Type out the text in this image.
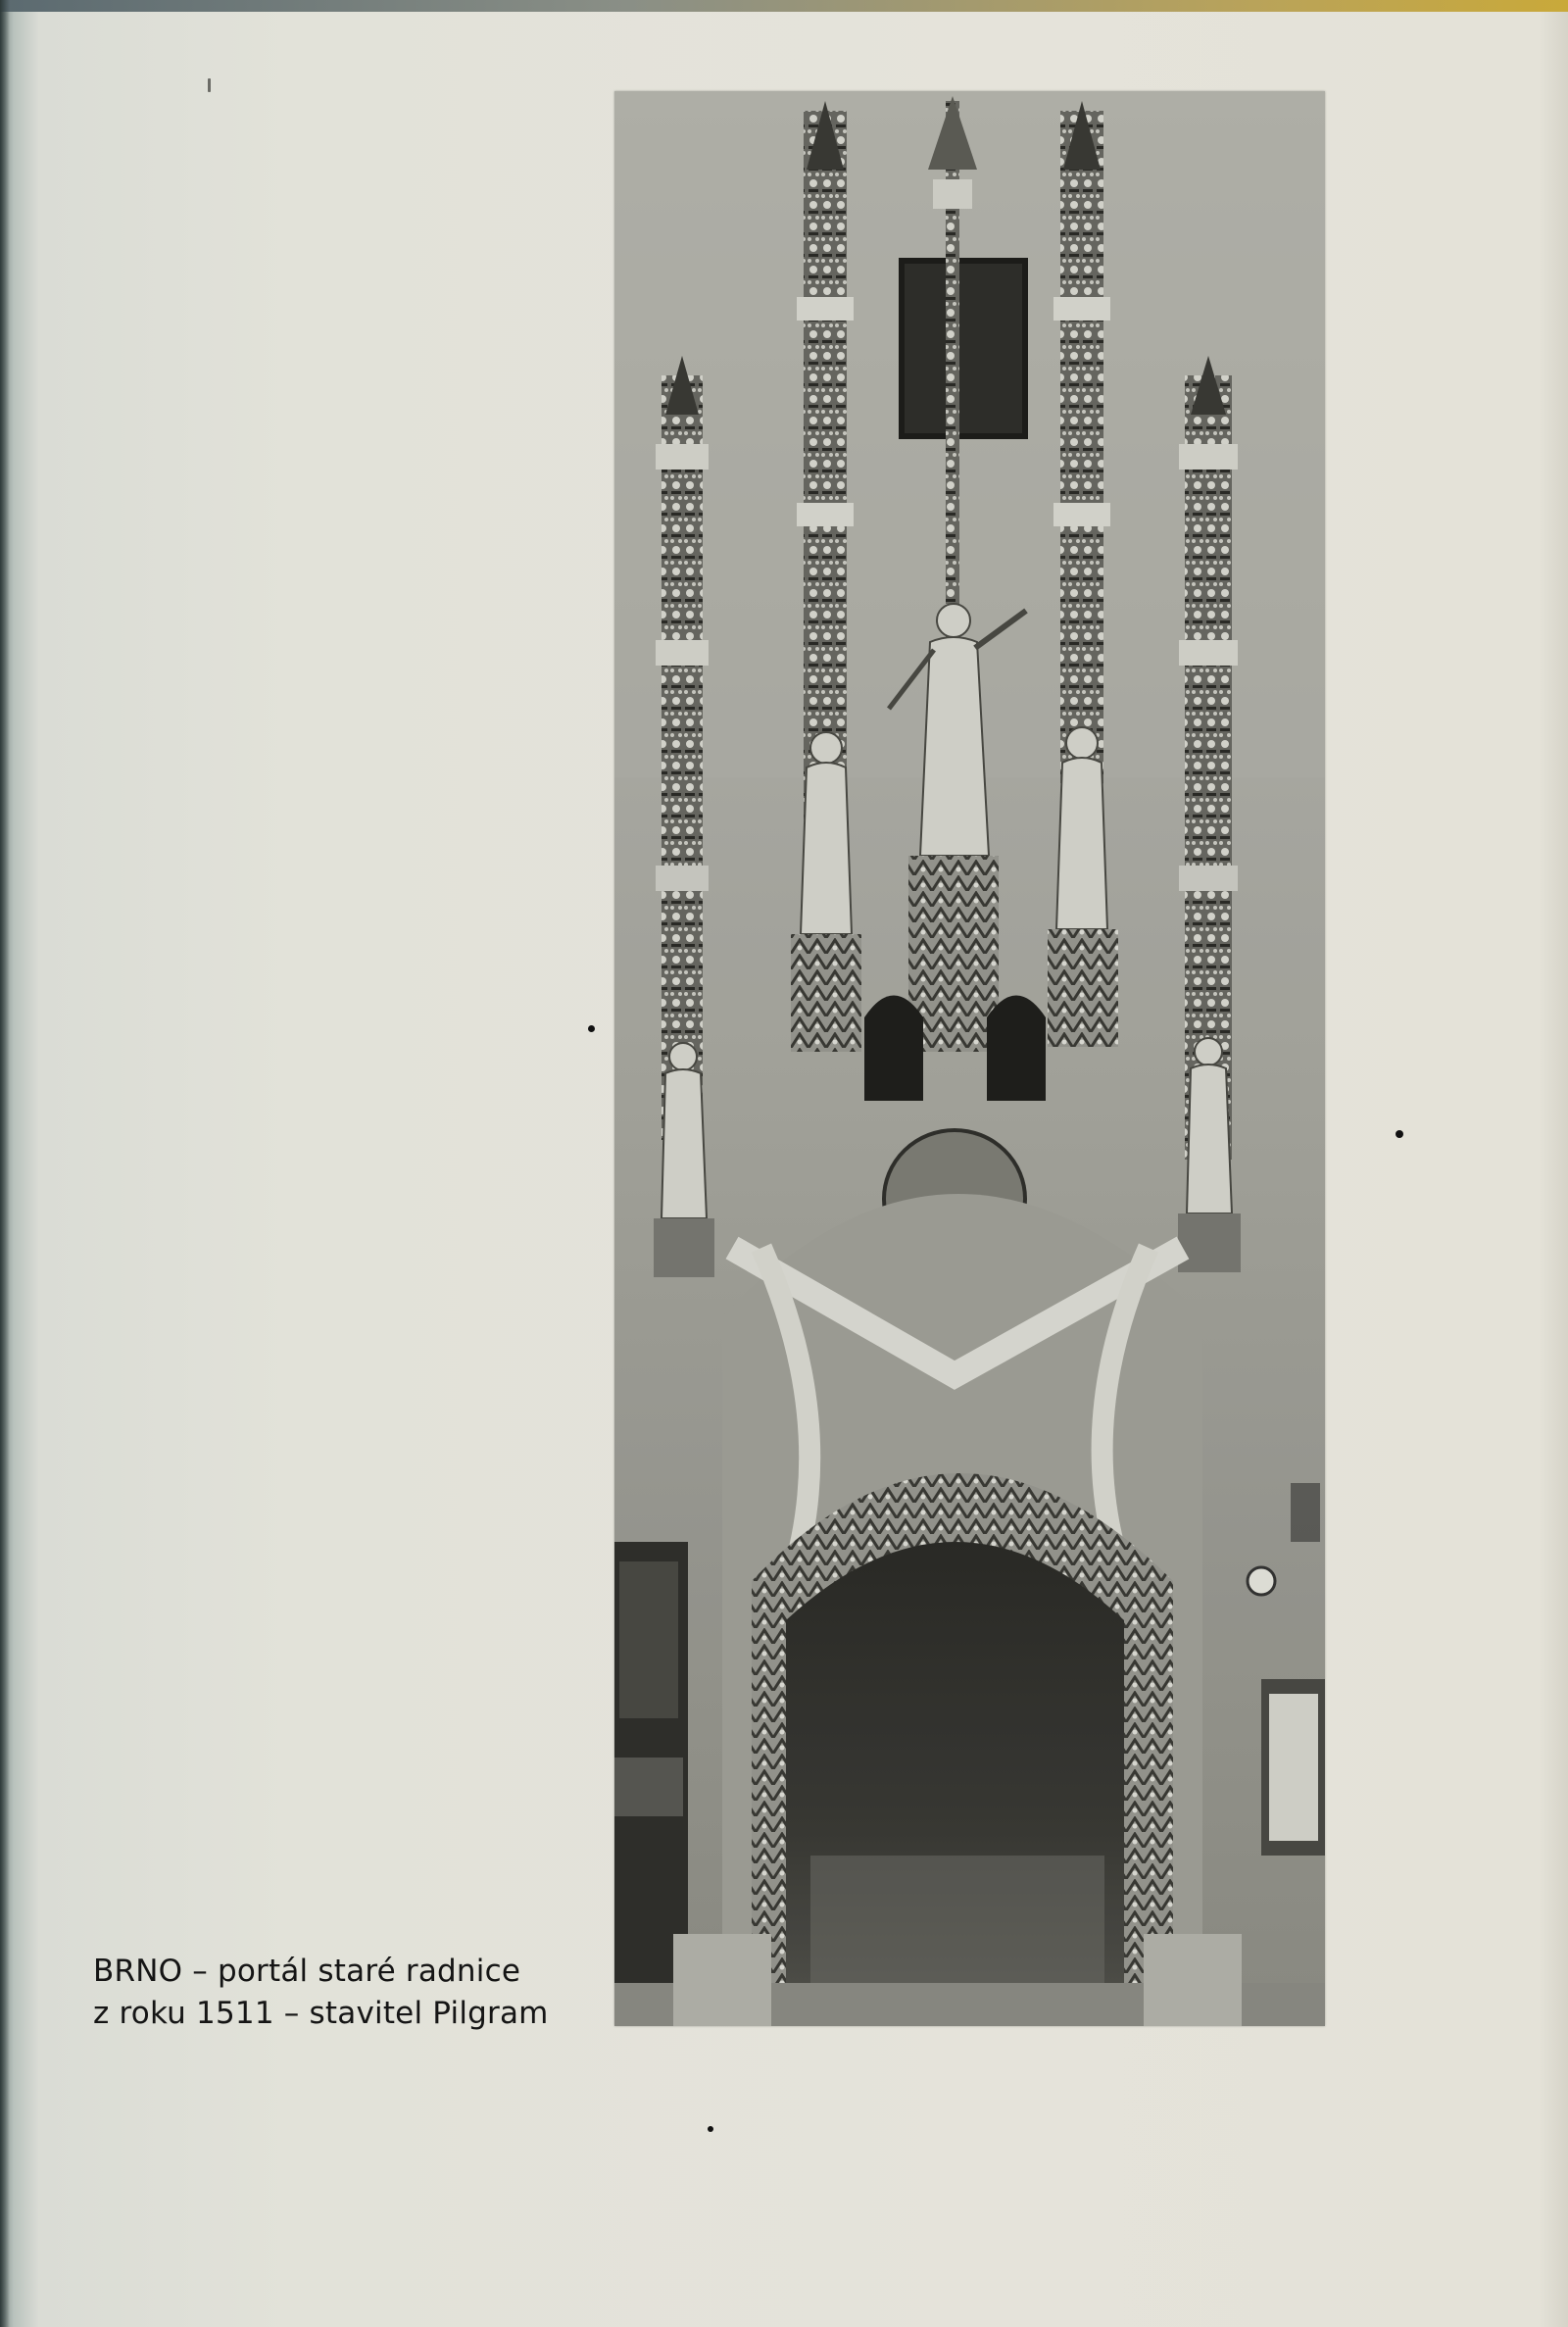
BRNO – portál staré radnice
z roku 1511 – stavitel Pilgram
